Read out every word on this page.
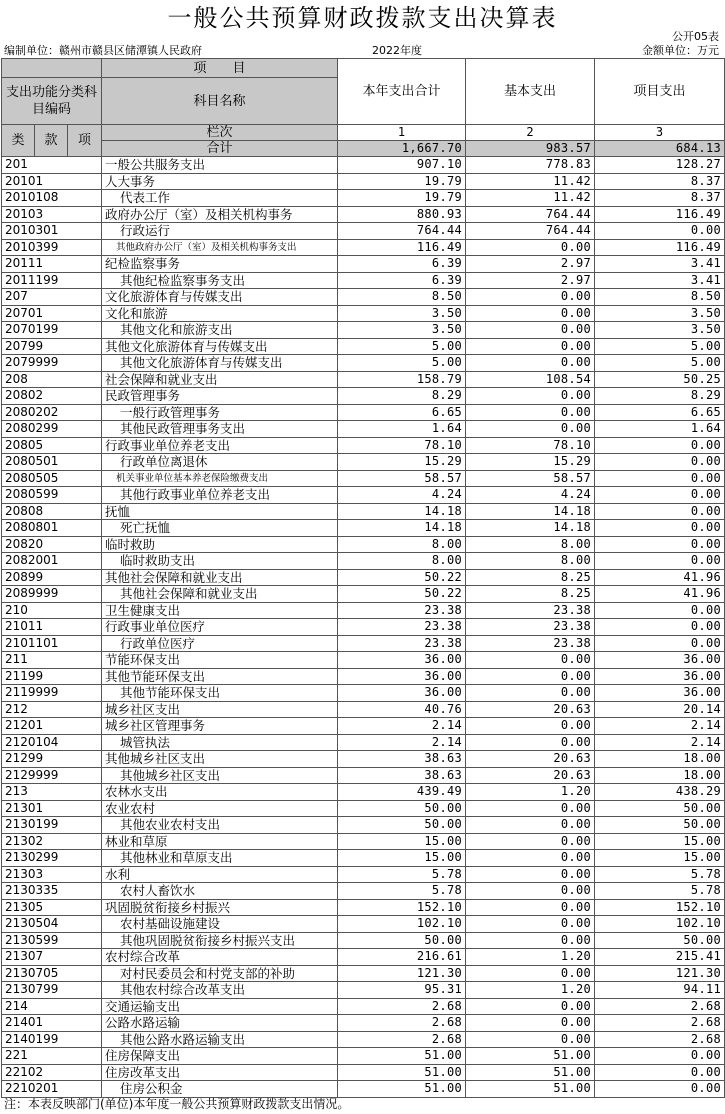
一般公共预算财政拨款支出决算表
公开05表
编制单位：赣州市赣县区储潭镇人民政府	2022年度	金额单位：万元
			项　　目	本年支出合计	基本支出	项目支出
支出功能分类科目编码			科目名称			
类	款	项	栏次	1	2	3
			合计	1,667.70	983.57	684.13
201			一般公共服务支出	907.10	778.83	128.27
20101			人大事务	19.79	11.42	8.37
2010108			代表工作	19.79	11.42	8.37
20103			政府办公厅（室）及相关机构事务	880.93	764.44	116.49
2010301			行政运行	764.44	764.44	0.00
2010399			其他政府办公厅（室）及相关机构事务支出	116.49	0.00	116.49
20111			纪检监察事务	6.39	2.97	3.41
2011199			其他纪检监察事务支出	6.39	2.97	3.41
207			文化旅游体育与传媒支出	8.50	0.00	8.50
20701			文化和旅游	3.50	0.00	3.50
2070199			其他文化和旅游支出	3.50	0.00	3.50
20799			其他文化旅游体育与传媒支出	5.00	0.00	5.00
2079999			其他文化旅游体育与传媒支出	5.00	0.00	5.00
208			社会保障和就业支出	158.79	108.54	50.25
20802			民政管理事务	8.29	0.00	8.29
2080202			一般行政管理事务	6.65	0.00	6.65
2080299			其他民政管理事务支出	1.64	0.00	1.64
20805			行政事业单位养老支出	78.10	78.10	0.00
2080501			行政单位离退休	15.29	15.29	0.00
2080505			机关事业单位基本养老保险缴费支出	58.57	58.57	0.00
2080599			其他行政事业单位养老支出	4.24	4.24	0.00
20808			抚恤	14.18	14.18	0.00
2080801			死亡抚恤	14.18	14.18	0.00
20820			临时救助	8.00	8.00	0.00
2082001			临时救助支出	8.00	8.00	0.00
20899			其他社会保障和就业支出	50.22	8.25	41.96
2089999			其他社会保障和就业支出	50.22	8.25	41.96
210			卫生健康支出	23.38	23.38	0.00
21011			行政事业单位医疗	23.38	23.38	0.00
2101101			行政单位医疗	23.38	23.38	0.00
211			节能环保支出	36.00	0.00	36.00
21199			其他节能环保支出	36.00	0.00	36.00
2119999			其他节能环保支出	36.00	0.00	36.00
212			城乡社区支出	40.76	20.63	20.14
21201			城乡社区管理事务	2.14	0.00	2.14
2120104			城管执法	2.14	0.00	2.14
21299			其他城乡社区支出	38.63	20.63	18.00
2129999			其他城乡社区支出	38.63	20.63	18.00
213			农林水支出	439.49	1.20	438.29
21301			农业农村	50.00	0.00	50.00
2130199			其他农业农村支出	50.00	0.00	50.00
21302			林业和草原	15.00	0.00	15.00
2130299			其他林业和草原支出	15.00	0.00	15.00
21303			水利	5.78	0.00	5.78
2130335			农村人畜饮水	5.78	0.00	5.78
21305			巩固脱贫衔接乡村振兴	152.10	0.00	152.10
2130504			农村基础设施建设	102.10	0.00	102.10
2130599			其他巩固脱贫衔接乡村振兴支出	50.00	0.00	50.00
21307			农村综合改革	216.61	1.20	215.41
2130705			对村民委员会和村党支部的补助	121.30	0.00	121.30
2130799			其他农村综合改革支出	95.31	1.20	94.11
214			交通运输支出	2.68	0.00	2.68
21401			公路水路运输	2.68	0.00	2.68
2140199			其他公路水路运输支出	2.68	0.00	2.68
221			住房保障支出	51.00	51.00	0.00
22102			住房改革支出	51.00	51.00	0.00
2210201			住房公积金	51.00	51.00	0.00
注：本表反映部门(单位)本年度一般公共预算财政拨款支出情况。
